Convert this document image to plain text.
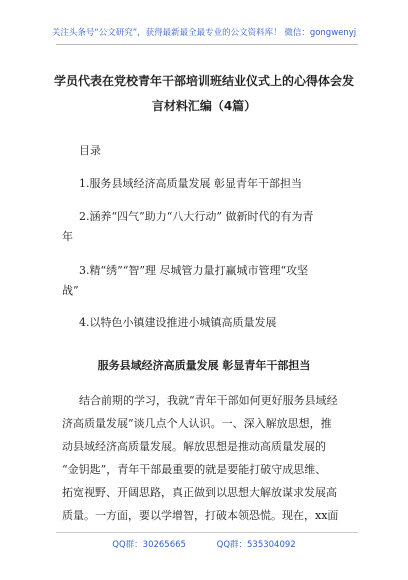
关注头条号“公文研究”，获得最新最全最专业的公文资料库！ 微信：gongwenyj
学员代表在党校青年干部培训班结业仪式上的心得体会发
言材料汇编（4篇）
目录
1.服务县域经济高质量发展 彰显青年干部担当
2.涵养“四气”助力“八大行动” 做新时代的有为青
年
3.精“绣”“智”理 尽城管力量打赢城市管理“攻坚
战”
4.以特色小镇建设推进小城镇高质量发展
服务县域经济高质量发展 彰显青年干部担当
结合前期的学习，我就“青年干部如何更好服务县域经
济高质量发展”谈几点个人认识。一、深入解放思想，推
动县域经济高质量发展。解放思想是推动高质量发展的
“金钥匙”，青年干部最重要的就是要能打破守成思维、
拓宽视野、开阔思路，真正做到以思想大解放谋求发展高
质量。一方面，要以学增智，打破本领恐慌。现在，xx面
QQ群：30265665	QQ群：535304092
